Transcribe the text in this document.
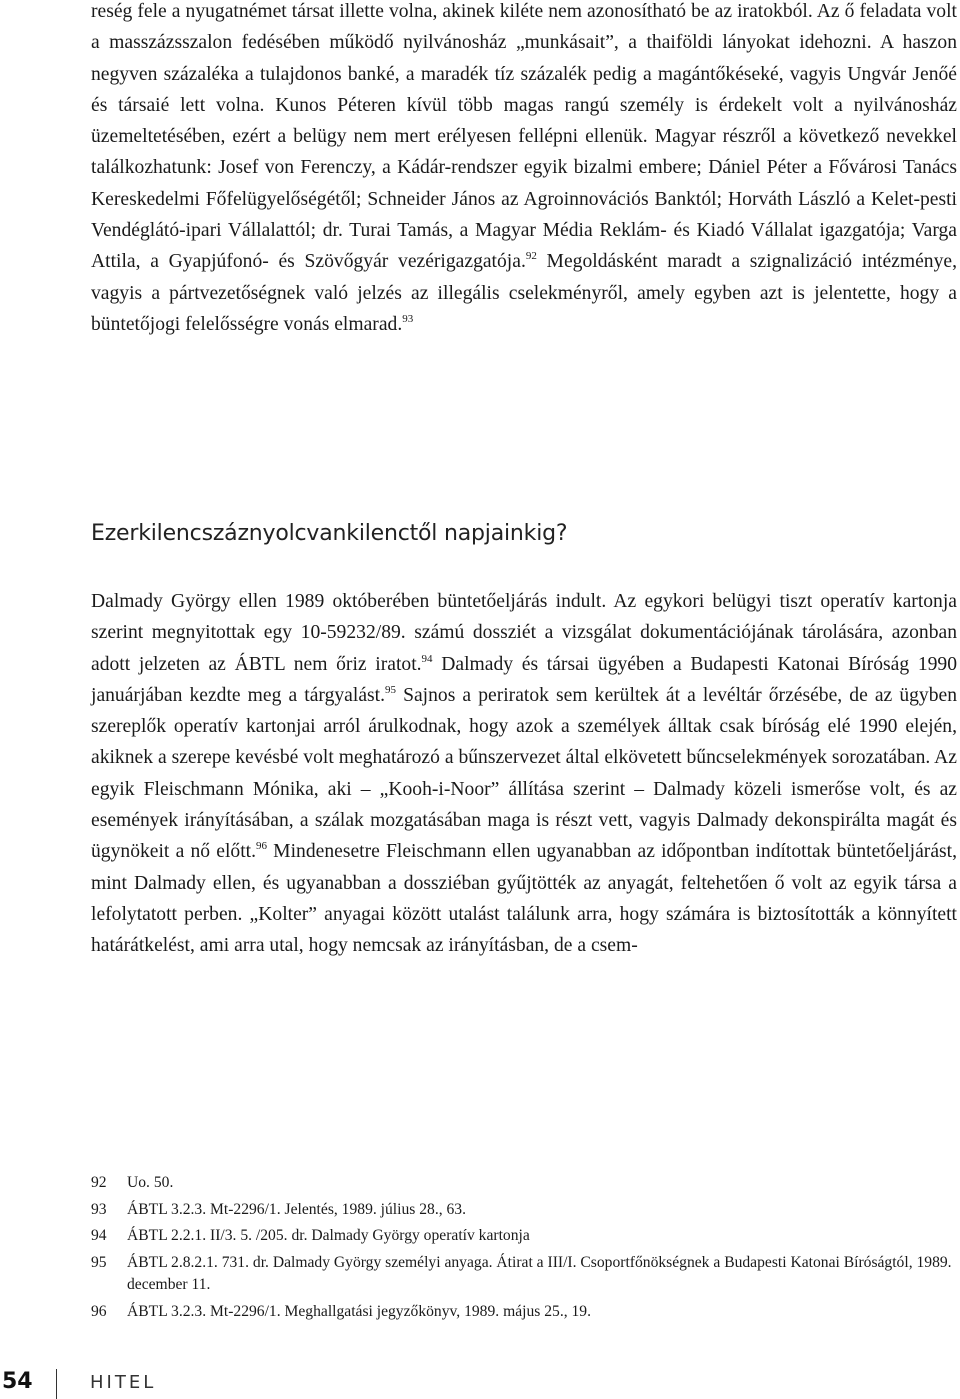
reség fele a nyugatnémet társat illette volna, akinek kiléte nem azonosítható be az iratokból. Az ő feladata volt a masszázsszalon fedésében működő nyilvánosház „munkásait”, a thaiföldi lányokat idehozni. A haszon negyven százaléka a tulajdonos banké, a maradék tíz százalék pedig a magántőkéseké, vagyis Ungvár Jenőé és társaié lett volna. Kunos Péteren kívül több magas rangú személy is érdekelt volt a nyilvánosház üzemeltetésében, ezért a belügy nem mert erélyesen fellépni ellenük. Magyar részről a következő nevekkel találkozhatunk: Josef von Ferenczy, a Kádár-rendszer egyik bizalmi embere; Dániel Péter a Fővárosi Tanács Kereskedelmi Főfelügyelőségétől; Schneider János az Agroinnovációs Banktól; Horváth László a Kelet-pesti Vendéglátó-ipari Vállalattól; dr. Turai Tamás, a Magyar Média Reklám- és Kiadó Vállalat igazgatója; Varga Attila, a Gyapjúfonó- és Szövőgyár vezérigazgatója.$^{92}$ Megoldásként maradt a szignalizáció intézménye, vagyis a pártvezetőségnek való jelzés az illegális cselekményről, amely egyben azt is jelentette, hogy a büntetőjogi felelősségre vonás elmarad.$^{93}$

Ezerkilencszáznyolcvankilenctől napjainkig?

Dalmady György ellen 1989 októberében büntetőeljárás indult. Az egykori belügyi tiszt operatív kartonja szerint megnyitottak egy 10-59232/89. számú dossziét a vizsgálat dokumentációjának tárolására, azonban adott jelzeten az ÁBTL nem őriz iratot.$^{94}$ Dalmady és társai ügyében a Budapesti Katonai Bíróság 1990 januárjában kezdte meg a tárgyalást.$^{95}$ Sajnos a periratok sem kerültek át a levéltár őrzésébe, de az ügyben szereplők operatív kartonjai arról árulkodnak, hogy azok a személyek álltak csak bíróság elé 1990 elején, akiknek a szerepe kevésbé volt meghatározó a bűnszervezet által elkövetett bűncselekmények sorozatában. Az egyik Fleischmann Mónika, aki – „Kooh-i-Noor” állítása szerint – Dalmady közeli ismerőse volt, és az események irányításában, a szálak mozgatásában maga is részt vett, vagyis Dalmady dekonspirálta magát és ügynökeit a nő előtt.$^{96}$ Mindenesetre Fleischmann ellen ugyanabban az időpontban indítottak büntetőeljárást, mint Dalmady ellen, és ugyanabban a dossziéban gyűjtötték az anyagát, feltehetően ő volt az egyik társa a lefolytatott perben. „Kolter” anyagai között utalást találunk arra, hogy számára is biztosították a könnyített határátkelést, ami arra utal, hogy nemcsak az irányításban, de a csem-

92	Uo. 50.
93	ÁBTL 3.2.3. Mt-2296/1. Jelentés, 1989. július 28., 63.
94	ÁBTL 2.2.1. II/3. 5. /205. dr. Dalmady György operatív kartonja
95	ÁBTL 2.8.2.1. 731. dr. Dalmady György személyi anyaga. Átirat a III/I. Csoportfőnökségnek a Budapesti Katonai Bíróságtól, 1989. december 11.
96	ÁBTL 3.2.3. Mt-2296/1. Meghallgatási jegyzőkönyv, 1989. május 25., 19.
54	HITEL
